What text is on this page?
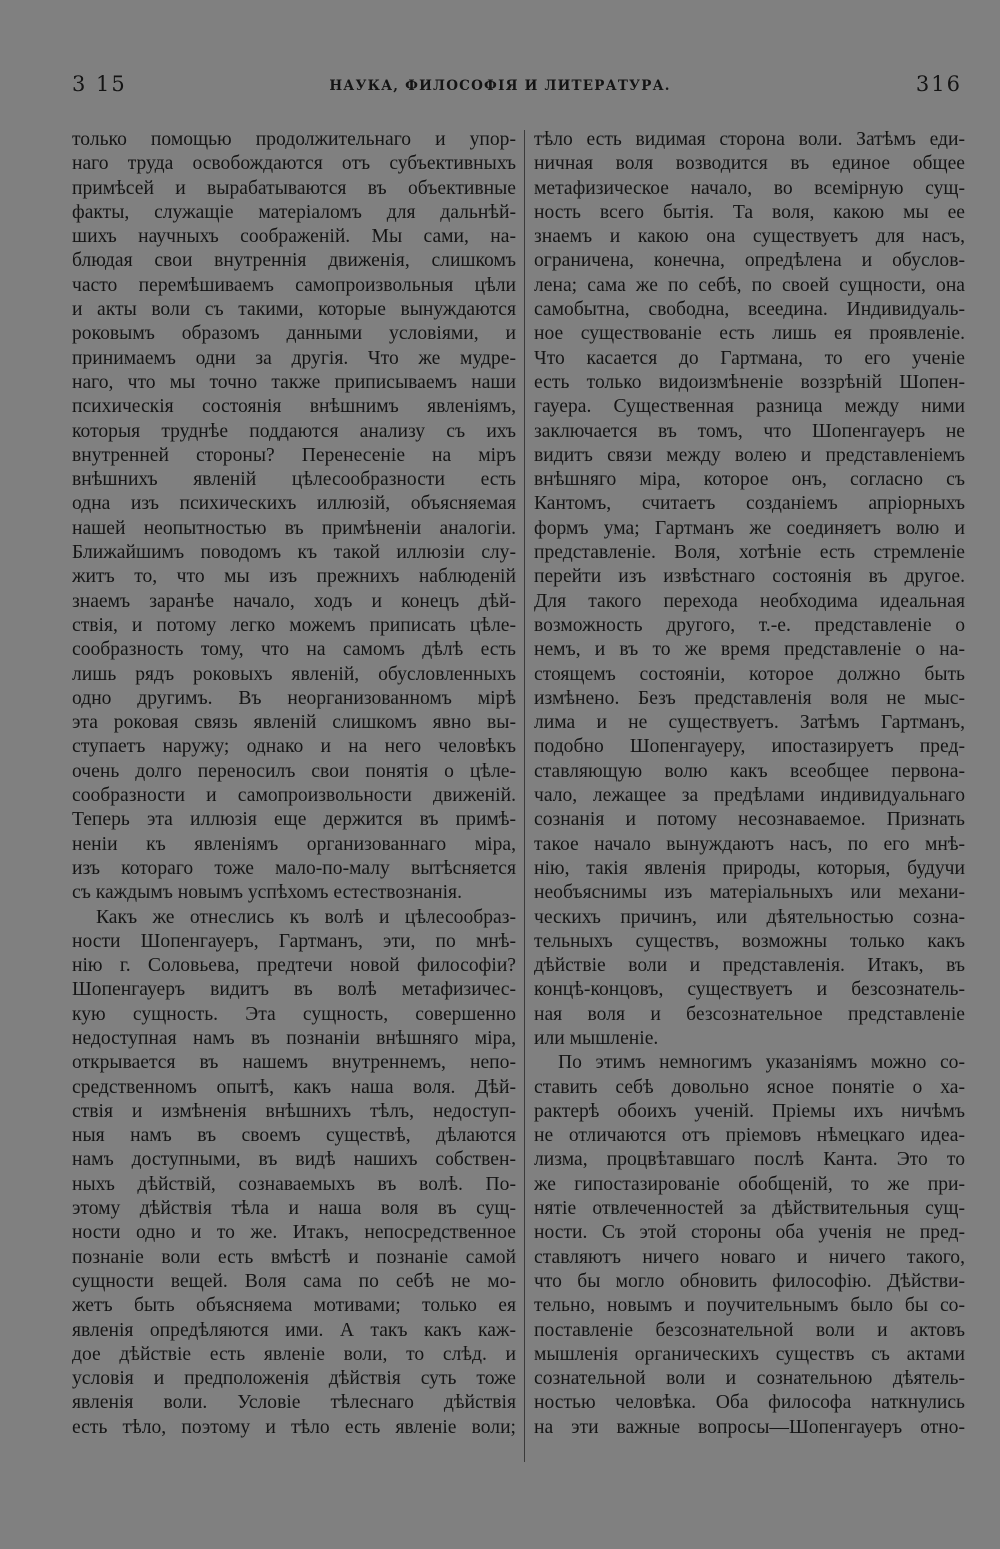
3 15	НАУКА, ФИЛОСОФІЯ И ЛИТЕРАТУРА.	316
только помощью продолжительнаго и упор-
наго труда освобождаются отъ субъективныхъ
примѣсей и вырабатываются въ объективные
факты, служащіе матеріаломъ для дальнѣй-
шихъ научныхъ соображеній. Мы сами, на-
блюдая свои внутреннія движенія, слишкомъ
часто перемѣшиваемъ самопроизвольныя цѣли
и акты воли съ такими, которые вынуждаются
роковымъ образомъ данными условіями, и
принимаемъ одни за другія. Что же мудре-
наго, что мы точно также приписываемъ наши
психическія состоянія внѣшнимъ явленіямъ,
которыя труднѣе поддаются анализу съ ихъ
внутренней стороны? Перенесеніе на міръ
внѣшнихъ явленій цѣлесообразности есть
одна изъ психическихъ иллюзій, объясняемая
нашей неопытностью въ примѣненіи аналогіи.
Ближайшимъ поводомъ къ такой иллюзіи слу-
житъ то, что мы изъ прежнихъ наблюденій
знаемъ заранѣе начало, ходъ и конецъ дѣй-
ствія, и потому легко можемъ приписать цѣле-
сообразность тому, что на самомъ дѣлѣ есть
лишь рядъ роковыхъ явленій, обусловленныхъ
одно другимъ. Въ неорганизованномъ мірѣ
эта роковая связь явленій слишкомъ явно вы-
ступаетъ наружу; однако и на него человѣкъ
очень долго переносилъ свои понятія о цѣле-
сообразности и самопроизвольности движеній.
Теперь эта иллюзія еще держится въ примѣ-
неніи къ явленіямъ организованнаго міра,
изъ котораго тоже мало-по-малу вытѣсняется
съ каждымъ новымъ успѣхомъ естествознанія.
Какъ же отнеслись къ волѣ и цѣлесообраз-
ности Шопенгауеръ, Гартманъ, эти, по мнѣ-
нію г. Соловьева, предтечи новой философіи?
Шопенгауеръ видитъ въ волѣ метафизичес-
кую сущность. Эта сущность, совершенно
недоступная намъ въ познаніи внѣшняго міра,
открывается въ нашемъ внутреннемъ, непо-
средственномъ опытѣ, какъ наша воля. Дѣй-
ствія и измѣненія внѣшнихъ тѣлъ, недоступ-
ныя намъ въ своемъ существѣ, дѣлаются
намъ доступными, въ видѣ нашихъ собствен-
ныхъ дѣйствій, сознаваемыхъ въ волѣ. По-
этому дѣйствія тѣла и наша воля въ сущ-
ности одно и то же. Итакъ, непосредственное
познаніе воли есть вмѣстѣ и познаніе самой
сущности вещей. Воля сама по себѣ не мо-
жетъ быть объясняема мотивами; только ея
явленія опредѣляются ими. А такъ какъ каж-
дое дѣйствіе есть явленіе воли, то слѣд. и
условія и предположенія дѣйствія суть тоже
явленія воли. Условіе тѣлеснаго дѣйствія
есть тѣло, поэтому и тѣло есть явленіе воли;
тѣло есть видимая сторона воли. Затѣмъ еди-
ничная воля возводится въ единое общее
метафизическое начало, во всемірную сущ-
ность всего бытія. Та воля, какою мы ее
знаемъ и какою она существуетъ для насъ,
ограничена, конечна, опредѣлена и обуслов-
лена; сама же по себѣ, по своей сущности, она
самобытна, свободна, всеедина. Индивидуаль-
ное существованіе есть лишь ея проявленіе.
Что касается до Гартмана, то его ученіе
есть только видоизмѣненіе воззрѣній Шопен-
гауера. Существенная разница между ними
заключается въ томъ, что Шопенгауеръ не
видитъ связи между волею и представленіемъ
внѣшняго міра, которое онъ, согласно съ
Кантомъ, считаетъ созданіемъ апріорныхъ
формъ ума; Гартманъ же соединяетъ волю и
представленіе. Воля, хотѣніе есть стремленіе
перейти изъ извѣстнаго состоянія въ другое.
Для такого перехода необходима идеальная
возможность другого, т.-е. представленіе о
немъ, и въ то же время представленіе о на-
стоящемъ состояніи, которое должно быть
измѣнено. Безъ представленія воля не мыс-
лима и не существуетъ. Затѣмъ Гартманъ,
подобно Шопенгауеру, ипостазируетъ пред-
ставляющую волю какъ всеобщее первона-
чало, лежащее за предѣлами индивидуальнаго
сознанія и потому несознаваемое. Признать
такое начало вынуждаютъ насъ, по его мнѣ-
нію, такія явленія природы, которыя, будучи
необъяснимы изъ матеріальныхъ или механи-
ческихъ причинъ, или дѣятельностью созна-
тельныхъ существъ, возможны только какъ
дѣйствіе воли и представленія. Итакъ, въ
концѣ-концовъ, существуетъ и безсознатель-
ная воля и безсознательное представленіе
или мышленіе.
По этимъ немногимъ указаніямъ можно со-
ставить себѣ довольно ясное понятіе о ха-
рактерѣ обоихъ ученій. Пріемы ихъ ничѣмъ
не отличаются отъ пріемовъ нѣмецкаго идеа-
лизма, процвѣтавшаго послѣ Канта. Это то
же гипостазированіе обобщеній, то же при-
нятіе отвлеченностей за дѣйствительныя сущ-
ности. Съ этой стороны оба ученія не пред-
ставляютъ ничего новаго и ничего такого,
что бы могло обновить философію. Дѣйстви-
тельно, новымъ и поучительнымъ было бы со-
поставленіе безсознательной воли и актовъ
мышленія органическихъ существъ съ актами
сознательной воли и сознательною дѣятель-
ностью человѣка. Оба философа наткнулись
на эти важные вопросы—Шопенгауеръ отно-
